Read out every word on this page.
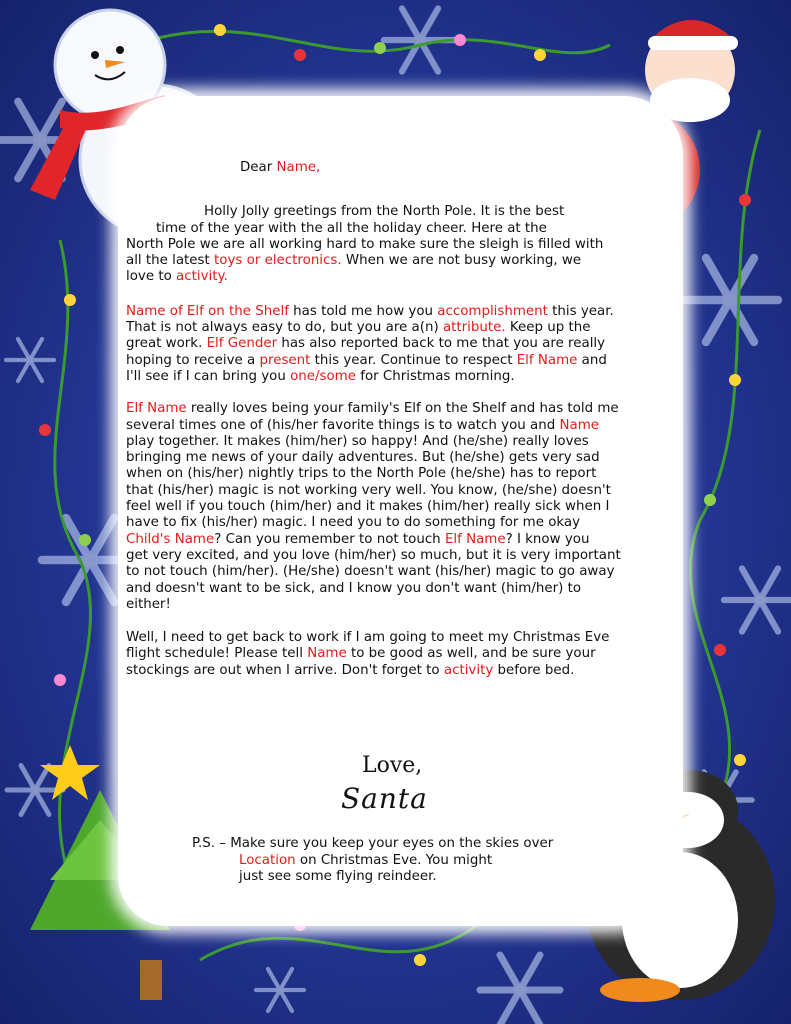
Dear Name,

Holly Jolly greetings from the North Pole. It is the best
time of the year with the all the holiday cheer. Here at the
North Pole we are all working hard to make sure the sleigh is filled with
all the latest toys or electronics. When we are not busy working, we
love to activity.

Name of Elf on the Shelf has told me how you accomplishment this year.
That is not always easy to do, but you are a(n) attribute. Keep up the
great work. Elf Gender has also reported back to me that you are really
hoping to receive a present this year. Continue to respect Elf Name and
I'll see if I can bring you one/some for Christmas morning.

Elf Name really loves being your family's Elf on the Shelf and has told me
several times one of (his/her favorite things is to watch you and Name
play together. It makes (him/her) so happy! And (he/she) really loves
bringing me news of your daily adventures. But (he/she) gets very sad
when on (his/her) nightly trips to the North Pole (he/she) has to report
that (his/her) magic is not working very well. You know, (he/she) doesn't
feel well if you touch (him/her) and it makes (him/her) really sick when I
have to fix (his/her) magic. I need you to do something for me okay
Child's Name? Can you remember to not touch Elf Name? I know you
get very excited, and you love (him/her) so much, but it is very important
to not touch (him/her). (He/she) doesn't want (his/her) magic to go away
and doesn't want to be sick, and I know you don't want (him/her) to
either!

Well, I need to get back to work if I am going to meet my Christmas Eve
flight schedule! Please tell Name to be good as well, and be sure your
stockings are out when I arrive. Don't forget to activity before bed.

Love,
Santa
P.S. – Make sure you keep your eyes on the skies over
Location on Christmas Eve. You might
just see some flying reindeer.
